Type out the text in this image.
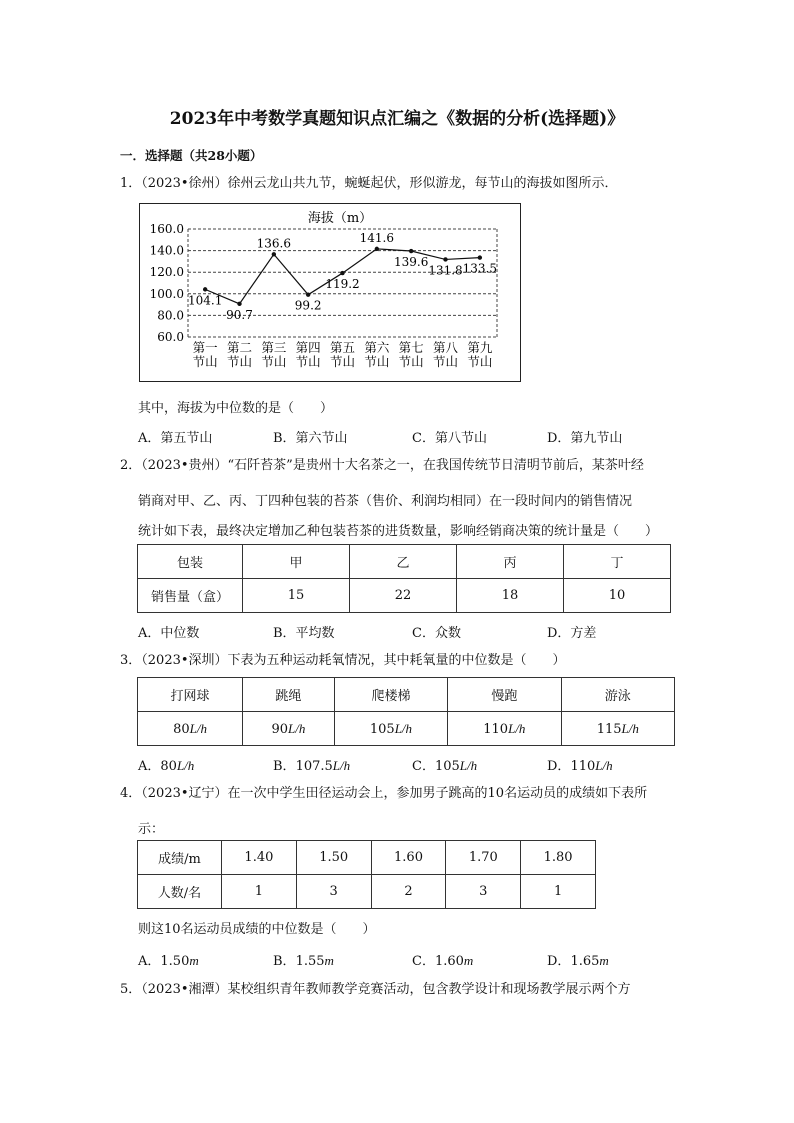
2023年中考数学真题知识点汇编之《数据的分析(选择题)》
一．选择题（共28小题）
1．（2023•徐州）徐州云龙山共九节，蜿蜒起伏，形似游龙，每节山的海拔如图所示．
海拔（m）
160.0
140.0
120.0
100.0
80.0
60.0
104.1
90.7
136.6
99.2
119.2
141.6
139.6
131.8 133.5
第一
节山
第二
节山
第三
节山
第四
节山
第五
节山
第六
节山
第七
节山
第八
节山
第九
节山
其中，海拔为中位数的是（　　）
A．第五节山	B．第六节山	C．第八节山	D．第九节山
2．（2023•贵州）“石阡苔茶”是贵州十大名茶之一，在我国传统节日清明节前后，某茶叶经
销商对甲、乙、丙、丁四种包装的苔茶（售价、利润均相同）在一段时间内的销售情况
统计如下表，最终决定增加乙种包装苔茶的进货数量，影响经销商决策的统计量是（　　）
包装	甲	乙	丙	丁
销售量（盒）	15	22	18	10
A．中位数	B．平均数	C．众数	D．方差
3．（2023•深圳）下表为五种运动耗氧情况，其中耗氧量的中位数是（　　）
打网球	跳绳	爬楼梯	慢跑	游泳
80L/h	90L/h	105L/h	110L/h	115L/h
A．80L/h	B．107.5L/h	C．105L/h	D．110L/h
4．（2023•辽宁）在一次中学生田径运动会上，参加男子跳高的10名运动员的成绩如下表所
示：
成绩/m	1.40	1.50	1.60	1.70	1.80
人数/名	1	3	2	3	1
则这10名运动员成绩的中位数是（　　）
A．1.50m	B．1.55m	C．1.60m	D．1.65m
5．（2023•湘潭）某校组织青年教师教学竞赛活动，包含教学设计和现场教学展示两个方
